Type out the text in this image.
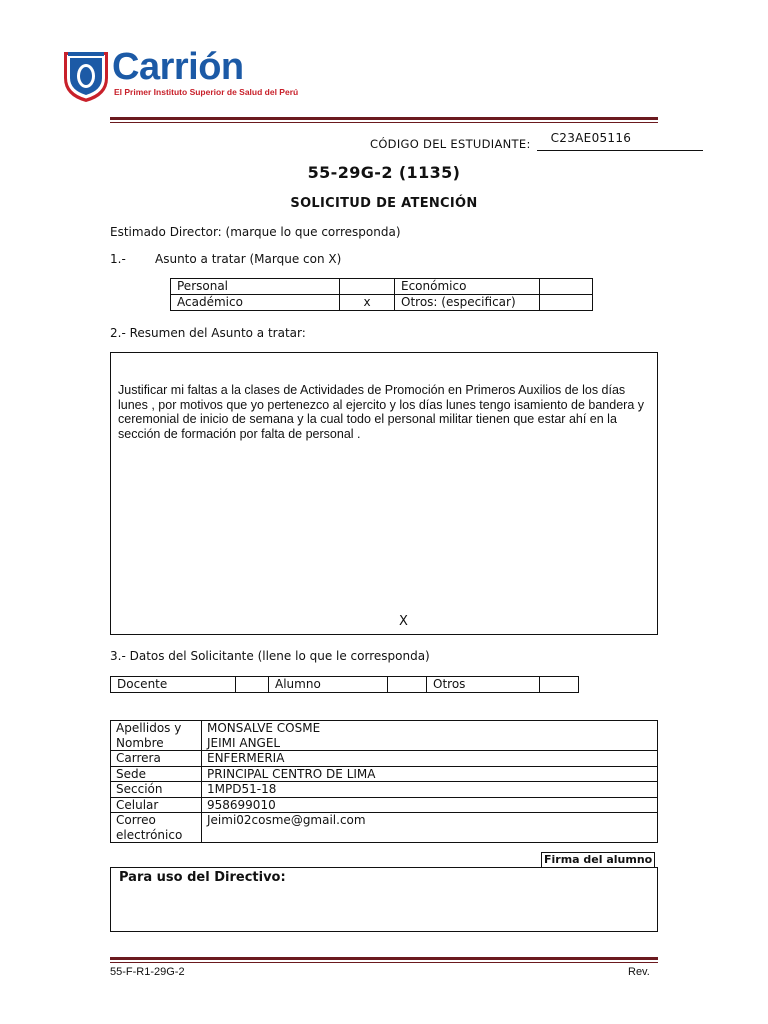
Carrión
El Primer Instituto Superior de Salud del Perú
CÓDIGO DEL ESTUDIANTE: C23AE05116
55-29G-2 (1135)
SOLICITUD DE ATENCIÓN
Estimado Director: (marque lo que corresponda)
1.- Asunto a tratar (Marque con X)
Personal		Económico	
Académico	x	Otros: (especificar)	
2.- Resumen del Asunto a tratar:
Justificar mi faltas a la clases de Actividades de Promoción en Primeros Auxilios de los días lunes , por motivos que yo pertenezco al ejercito y los días lunes tengo isamiento de bandera y ceremonial de inicio de semana y la cual todo el personal militar tienen que estar ahí en la sección de formación por falta de personal .
X
3.- Datos del Solicitante (llene lo que le corresponda)
Docente		Alumno		Otros	
Apellidos y Nombre	MONSALVE COSME
JEIMI ANGEL
Carrera	ENFERMERIA
Sede	PRINCIPAL CENTRO DE LIMA
Sección	1MPD51-18
Celular	958699010
Correo electrónico	Jeimi02cosme@gmail.com
Firma del alumno
Para uso del Directivo:
55-F-R1-29G-2	Rev.
